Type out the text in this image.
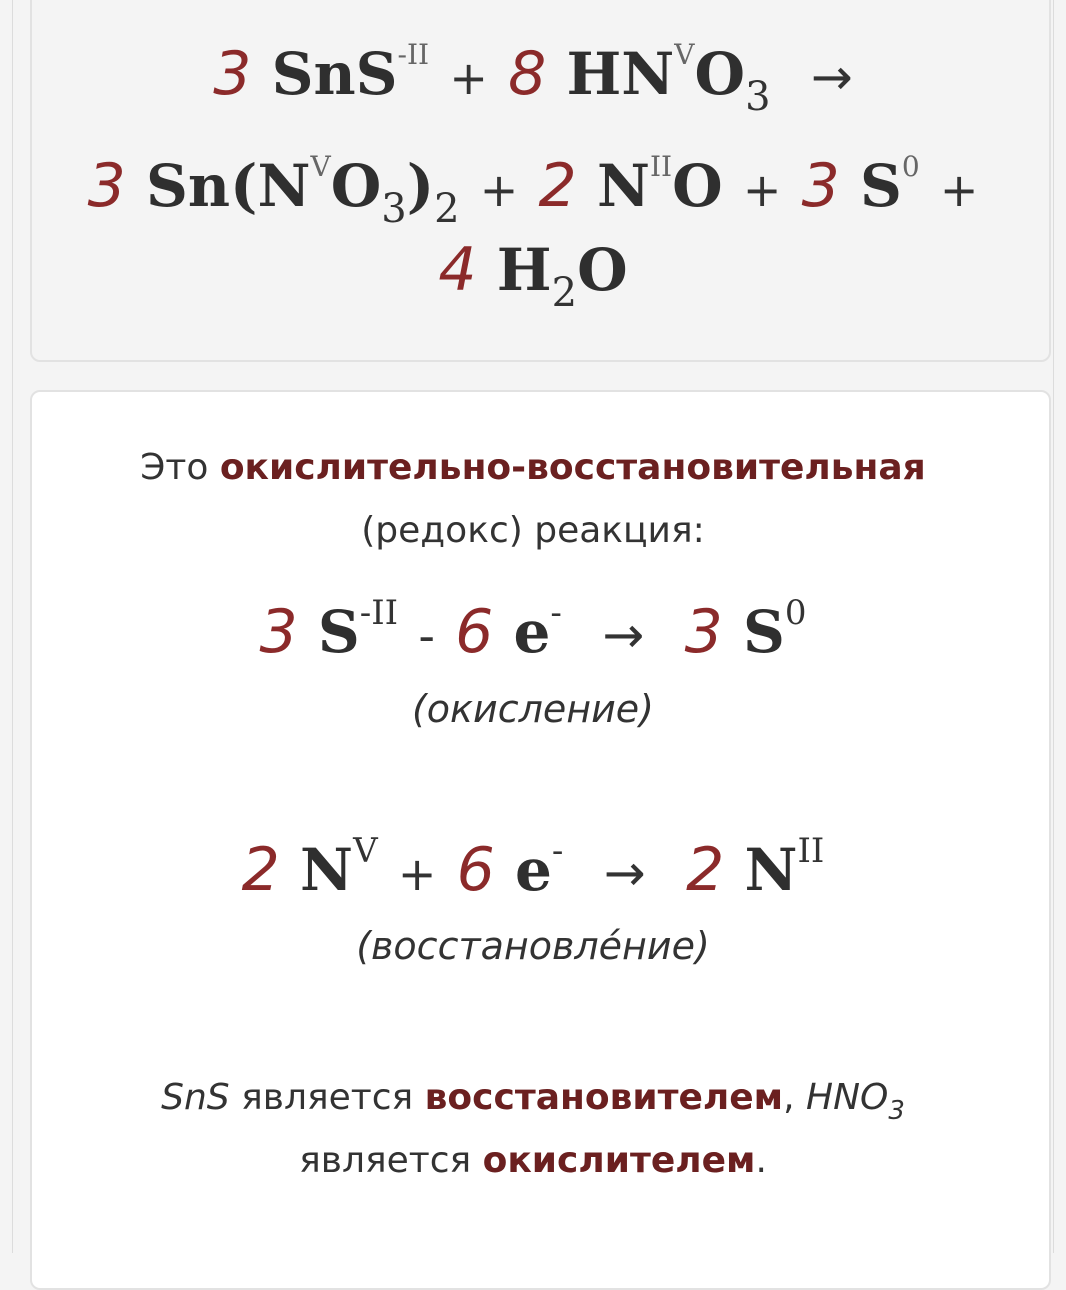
3 SnS$^{-II}$ + 8 $HN^VO_3$ →
3 $Sn(N^VO_3)_2 + 2$ $N^{II}O + 3$ $S^0$ +
4 $H_2O$
Это окислительно-восстановительная
(редокс) реакция:
3 $S^{-II} - 6$ e- → 3 $S^0$
(окисление)
2 $N^V + 6$ e- → 2 $N^{II}$
(восстановле́ние)
SnS является восстановителем, $HNO_3$
является окислителем.
